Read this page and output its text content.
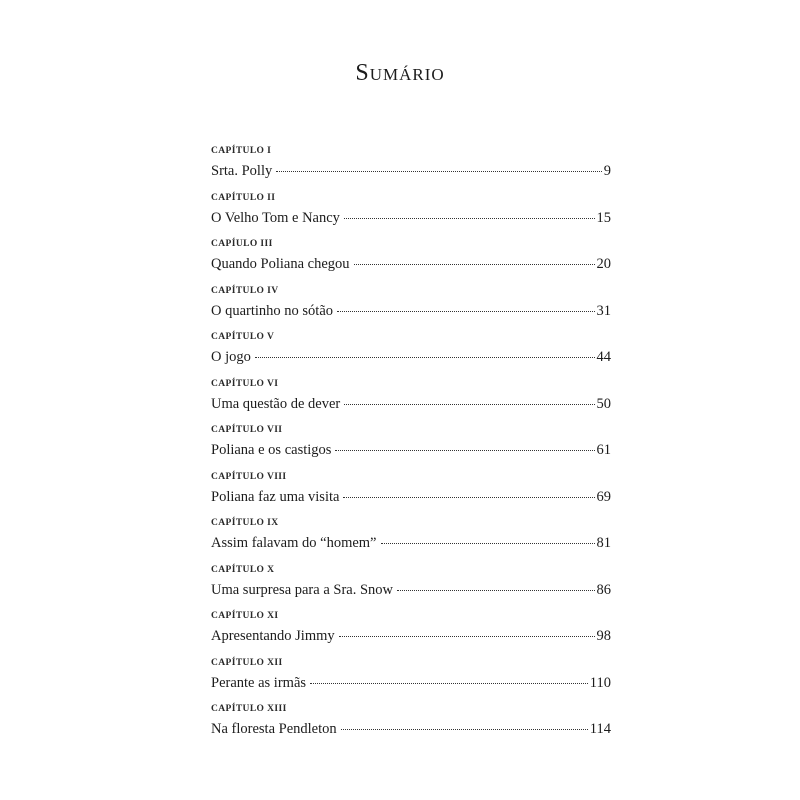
Sumário
CAPÍTULO I
Srta. Polly	9
CAPÍTULO II
O Velho Tom e Nancy	15
CAPÍULO III
Quando Poliana chegou	20
CAPÍTULO IV
O quartinho no sótão	31
CAPÍTULO V
O jogo	44
CAPÍTULO VI
Uma questão de dever	50
CAPÍTULO VII
Poliana e os castigos	61
CAPÍTULO VIII
Poliana faz uma visita	69
CAPÍTULO IX
Assim falavam do “homem”	81
CAPÍTULO X
Uma surpresa para a Sra. Snow	86
CAPÍTULO XI
Apresentando Jimmy	98
CAPÍTULO XII
Perante as irmãs	110
CAPÍTULO XIII
Na floresta Pendleton	114
